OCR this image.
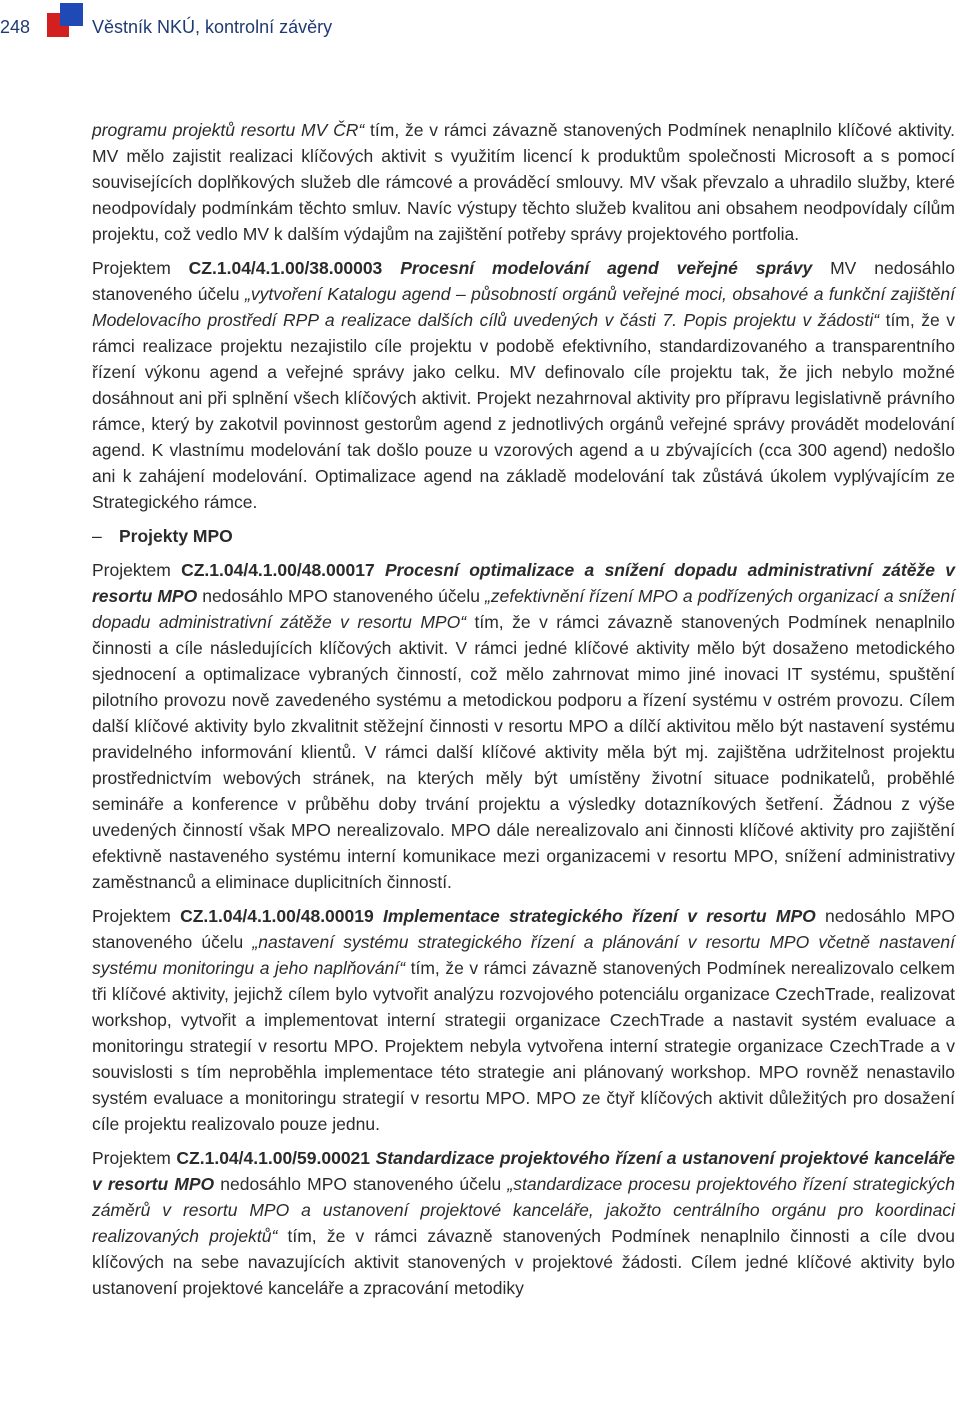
248	Věstník NKÚ, kontrolní závěry

programu projektů resortu MV ČR“ tím, že v rámci závazně stanovených Podmínek nenaplnilo klíčové aktivity. MV mělo zajistit realizaci klíčových aktivit s využitím licencí k produktům společnosti Microsoft a s pomocí souvisejících doplňkových služeb dle rámcové a prováděcí smlouvy. MV však převzalo a uhradilo služby, které neodpovídaly podmínkám těchto smluv. Navíc výstupy těchto služeb kvalitou ani obsahem neodpovídaly cílům projektu, což vedlo MV k dalším výdajům na zajištění potřeby správy projektového portfolia.

Projektem CZ.1.04/4.1.00/38.00003 Procesní modelování agend veřejné správy MV nedosáhlo stanoveného účelu „vytvoření Katalogu agend – působností orgánů veřejné moci, obsahové a funkční zajištění Modelovacího prostředí RPP a realizace dalších cílů uvedených v části 7. Popis projektu v žádosti“ tím, že v rámci realizace projektu nezajistilo cíle projektu v podobě efektivního, standardizovaného a transparentního řízení výkonu agend a veřejné správy jako celku. MV definovalo cíle projektu tak, že jich nebylo možné dosáhnout ani při splnění všech klíčových aktivit. Projekt nezahrnoval aktivity pro přípravu legislativně právního rámce, který by zakotvil povinnost gestorům agend z jednotlivých orgánů veřejné správy provádět modelování agend. K vlastnímu modelování tak došlo pouze u vzorových agend a u zbývajících (cca 300 agend) nedošlo ani k zahájení modelování. Optimalizace agend na základě modelování tak zůstává úkolem vyplývajícím ze Strategického rámce.

– Projekty MPO

Projektem CZ.1.04/4.1.00/48.00017 Procesní optimalizace a snížení dopadu administrativní zátěže v resortu MPO nedosáhlo MPO stanoveného účelu „zefektivnění řízení MPO a podřízených organizací a snížení dopadu administrativní zátěže v resortu MPO“ tím, že v rámci závazně stanovených Podmínek nenaplnilo činnosti a cíle následujících klíčových aktivit. V rámci jedné klíčové aktivity mělo být dosaženo metodického sjednocení a optimalizace vybraných činností, což mělo zahrnovat mimo jiné inovaci IT systému, spuštění pilotního provozu nově zavedeného systému a metodickou podporu a řízení systému v ostrém provozu. Cílem další klíčové aktivity bylo zkvalitnit stěžejní činnosti v resortu MPO a dílčí aktivitou mělo být nastavení systému pravidelného informování klientů. V rámci další klíčové aktivity měla být mj. zajištěna udržitelnost projektu prostřednictvím webových stránek, na kterých měly být umístěny životní situace podnikatelů, proběhlé semináře a konference v průběhu doby trvání projektu a výsledky dotazníkových šetření. Žádnou z výše uvedených činností však MPO nerealizovalo. MPO dále nerealizovalo ani činnosti klíčové aktivity pro zajištění efektivně nastaveného systému interní komunikace mezi organizacemi v resortu MPO, snížení administrativy zaměstnanců a eliminace duplicitních činností.

Projektem CZ.1.04/4.1.00/48.00019 Implementace strategického řízení v resortu MPO nedosáhlo MPO stanoveného účelu „nastavení systému strategického řízení a plánování v resortu MPO včetně nastavení systému monitoringu a jeho naplňování“ tím, že v rámci závazně stanovených Podmínek nerealizovalo celkem tři klíčové aktivity, jejichž cílem bylo vytvořit analýzu rozvojového potenciálu organizace CzechTrade, realizovat workshop, vytvořit a implementovat interní strategii organizace CzechTrade a nastavit systém evaluace a monitoringu strategií v resortu MPO. Projektem nebyla vytvořena interní strategie organizace CzechTrade a v souvislosti s tím neproběhla implementace této strategie ani plánovaný workshop. MPO rovněž nenastavilo systém evaluace a monitoringu strategií v resortu MPO. MPO ze čtyř klíčových aktivit důležitých pro dosažení cíle projektu realizovalo pouze jednu.

Projektem CZ.1.04/4.1.00/59.00021 Standardizace projektového řízení a ustanovení projektové kanceláře v resortu MPO nedosáhlo MPO stanoveného účelu „standardizace procesu projektového řízení strategických záměrů v resortu MPO a ustanovení projektové kanceláře, jakožto centrálního orgánu pro koordinaci realizovaných projektů“ tím, že v rámci závazně stanovených Podmínek nenaplnilo činnosti a cíle dvou klíčových na sebe navazujících aktivit stanovených v projektové žádosti. Cílem jedné klíčové aktivity bylo ustanovení projektové kanceláře a zpracování metodiky
